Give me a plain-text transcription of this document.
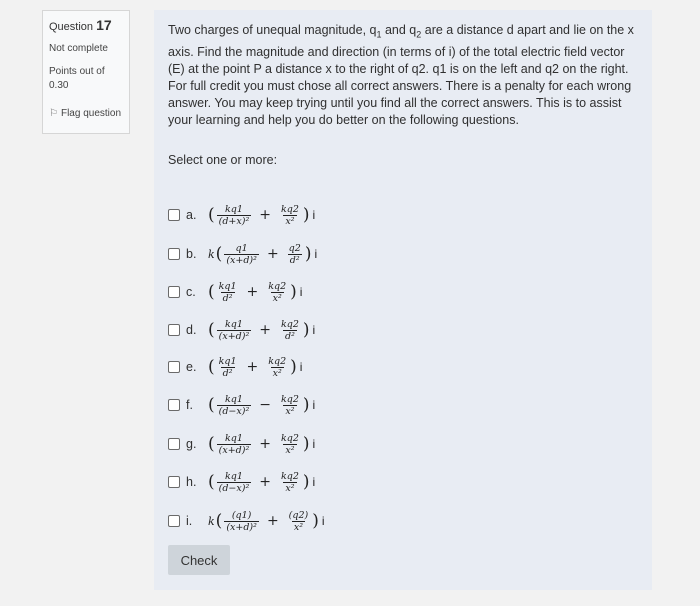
Question 17
Not complete
Points out of 0.30
⚐ Flag question

Two charges of unequal magnitude, $q_1$ and $q_2$ are a distance d apart and lie on the x axis. Find the magnitude and direction (in terms of i) of the total electric field vector (E) at the point P a distance x to the right of q2. q1 is on the left and q2 on the right.

For full credit you must chose all correct answers. There is a penalty for each wrong answer. You may keep trying until you find all the correct answers. This is to assist your learning and help you do better on the following questions.

Select one or more:
a. ( $\frac{kq1}{\text{(d+x)²}} + \frac{kq2}{\text{x²}}$ ) i
b.	k ( $\frac{q1}{\text{(x+d)²}} + \frac{q2}{\text{d²}}$ ) i
c. ( $\frac{kq1}{\text{d²}} + \frac{kq2}{\text{x²}}$ ) i
d. ( $\frac{kq1}{\text{(x+d)²}} + \frac{kq2}{\text{d²}}$ ) i
e. ( $\frac{kq1}{\text{d²}} + \frac{kq2}{\text{x²}}$ ) i
f. ( $\frac{kq1}{\text{(d−x)²}} - \frac{kq2}{\text{x²}}$ ) i
g. ( $\frac{kq1}{\text{(x+d)²}} + \frac{kq2}{\text{x²}}$ ) i
h. ( $\frac{kq1}{\text{(d−x)²}} + \frac{kq2}{\text{x²}}$ ) i
i.	k ( $\frac{(q1)}{\text{(x+d)²}} + \frac{(q2)}{\text{x²}}$ ) i
Check
